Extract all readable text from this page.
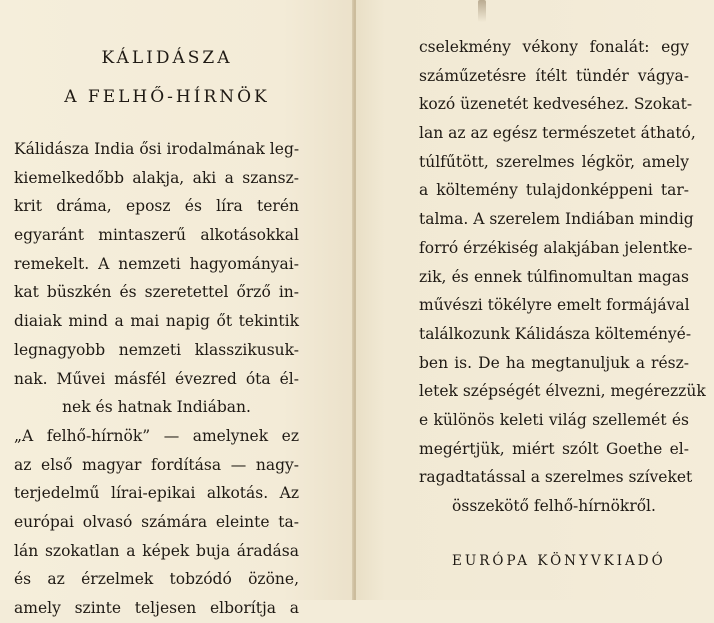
KÁLIDÁSZA
A FELHŐ-HÍRNÖK
Kálidásza India ősi irodalmának leg-
kiemelkedőbb alakja, aki a szansz-
krit dráma, eposz és líra terén
egyaránt mintaszerű alkotásokkal
remekelt. A nemzeti hagyományai-
kat büszkén és szeretettel őrző in-
diaiak mind a mai napig őt tekintik
legnagyobb nemzeti klasszikusuk-
nak. Művei másfél évezred óta él-
nek és hatnak Indiában.
„A felhő-hírnök” — amelynek ez
az első magyar fordítása — nagy-
terjedelmű lírai-epikai alkotás. Az
európai olvasó számára eleinte ta-
lán szokatlan a képek buja áradása
és az érzelmek tobzódó özöne,
amely szinte teljesen elborítja a
cselekmény vékony fonalát: egy
száműzetésre ítélt tündér vágya-
kozó üzenetét kedveséhez. Szokat-
lan az az egész természetet átható,
túlfűtött, szerelmes légkör, amely
a költemény tulajdonképpeni tar-
talma. A szerelem Indiában mindig
forró érzékiség alakjában jelentke-
zik, és ennek túlfinomultan magas
művészi tökélyre emelt formájával
találkozunk Kálidásza költeményé-
ben is. De ha megtanuljuk a rész-
letek szépségét élvezni, megérezzük
e különös keleti világ szellemét és
megértjük, miért szólt Goethe el-
ragadtatással a szerelmes szíveket
összekötő felhő-hírnökről.
EURÓPA KÖNYVKIADÓ
